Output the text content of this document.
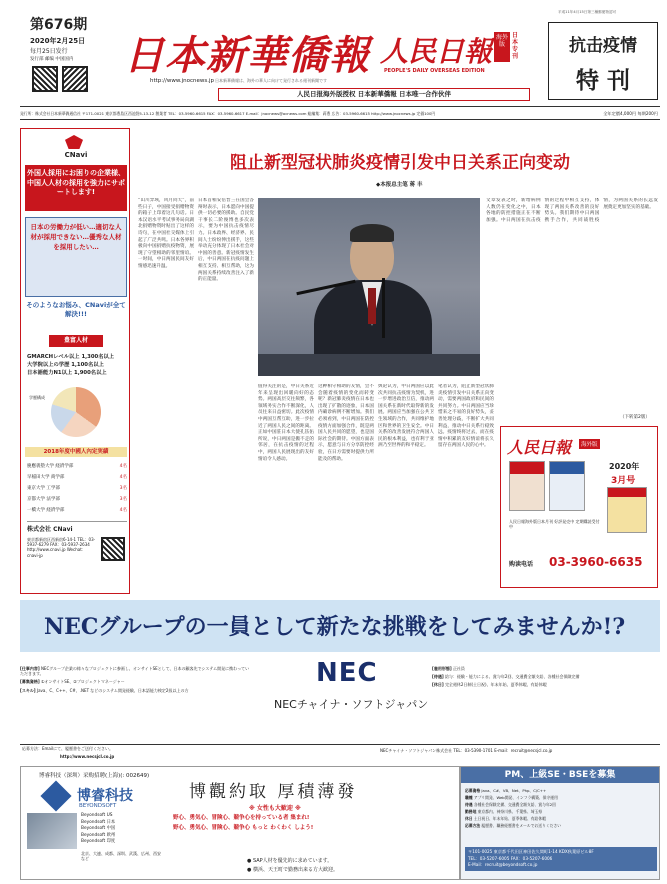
第676期
2020年2月25日
每月25日发行
发行部 邮编 中国国内 日本新華僑報
http://www.jnocnews.jp 日本新華僑報は、海外の華人に向けて発行される週刊新聞です
人民日報 海外版
日本专刊
PEOPLE'S DAILY OVERSEAS EDITION
抗击疫情
特 刊
平成11年4月15日第三種郵便物認可
人民日报海外版授权 日本新華僑報 日本唯一合作伙伴
発行所：株式会社日本新華僑通信社 〒171-0021 東京都豊島区西池袋5-13-12 創業者 TEL：03-5960-6615 FAX：03-5960-6617 E-mail：jnocnews@ocnews.com 総編集：蒋豊 広告：03-5960-6615 http://www.jnocnews.jp 定価100円	全年定價4,000円 每期200円
CNavi
外国人採用にお困りの企業様、中国人人材の採用を強力にサポートします!
日本の労働力が低い…適切な人材が採用できない…優秀な人材を採用したい…
そのようなお悩み、CNaviが全て解決!!!
豊富人材
GMARCHレベル以上 1,300名以上
大学院以上の学歴 1,100名以上
日本語能力N1以上 1,900名以上
学歴構成
2018年度中國人內定実績
慶應義塾大学 経済学部	4名
早稲田大学 商学部	4名
東京大学 工学部	3名
京都大学 法学部	3名
一橋大学 経済学部	4名
株式会社 CNavi
東京都新宿区西新宿6-14-1 TEL：03-5937-6279 FAX：03-5937-2634 http://www.cnavi.jp Wechat：cnavi-jp
阻止新型冠状肺炎疫情引发中日关系正向变动
◆本报总主笔 蒋 丰
“山川异域，风月同天”，前些日子，中国接受捐赠物资的箱子上印着这几句话。日本汉语水平考试事务局向湖北捐赠物资时贴出了这样的诗句，在中国社交媒体上引起了广泛共鸣。日本各界积极向中国捐赠抗疫物资，展现了守望相助的邻里情谊。一时间，中日两国民间友好情感迅速升温。
日本首相安倍晋三在国会答辩时表示，日本愿向中国提供一切必要的援助。自民党干事长二阶俊博也多次表示，要为中国抗击疫情尽力。日本政界、经济界、民间人士纷纷伸出援手，这些举动充分体现了日本社会对中国的善意。新冠疫情发生后，中日两国在抗疫问题上相互支持、相互帮助，这为两国关系持续改善注入了新的正能量。
值得关注的是，中日关系近年来呈现出回暖向好的态势。两国高层交往频繁，各领域务实合作不断深化，人员往来日益密切。此次疫情中两国互帮互助，进一步拉近了两国人民之间的距离。正如中国驻日本大使孔铉佑所说，中日两国是搬不走的邻居，在抗击疫情的过程中，两国人民展现出的友好情谊令人感动。
这种相守相助的友情，会不会随着疫情的变化而转变呢？新冠肺炎疫情在日本也出现了扩散的迹象，日本国内确诊病例不断增加。我们必须看到，中日两国在防控疫情方面加强合作，既是两国人民共同的愿望，也是国际社会的期待。中国方面表示，愿意与日方分享防控经验，在日方需要时提供力所能及的帮助。
舆论认为，中日两国应以此次共同抗击疫情为契机，进一步增进政治互信，推动两国关系在新时代取得新的发展。两国应当加强在公共卫生领域的合作，共同维护地区和世界的卫生安全。中日关系的改善发展符合两国人民的根本利益，也有利于亚洲乃至世界的和平稳定。
笔者认为，阻止新型冠状肺炎疫情引发中日关系正向变动，需要两国政府和民间的共同努力。中日两国应当珍惜来之不易的良好势头，妥善处理分歧，不断扩大共同利益，推动中日关系行稳致远。疫情终将过去，而在疫情中积累的友好情谊将长久留存在两国人民的心中。
文章发表之时，新增病例人数仍在变化之中，日本各地的防控措施正在不断加强。中日两国在抗击疫情的过程中相互支持，体现了两国关系改善的良好势头。我们期待中日两国携手合作，共同战胜疫情，为两国关系的长远发展奠定更加坚实的基础。
（下转第2版）
人民日報	海外版
2020年
3月号
人民日報海外版日本月刊 好評発売中 定期購読受付中
购读电话 03-3960-6635
NECグループの一員として新たな挑戦をしてみませんか!?
[仕事内容] NECグループ企業の様々なプロジェクトに参画し、オンサイトSEとして、日本の顧客先でシステム開発に携わっていただきます。
[募集資格] ①オンサイトSE、②プロジェクトマネージャー
[スキル] Java、C、C++、C#、.NET などのシステム開発経験、日本語能力検定2級以上の方
NEC
NECチャイナ・ソフトジャパン
[雇用形態] 正社員
[待遇] 給与：経験・能力による、賞与年2回、交通費全額支給、各種社会保険完備
[休日] 完全週休2日制(土日祝)、年末年始、夏季休暇、有給休暇
応募方法：Emailにて、履歴書をご送付ください。
http://www.necsjcl.co.jp
NECチャイナ・ソフトジャパン株式会社 TEL：03-5390-1701 E-mail：recruit@necsjcl.co.jp
博睿科技（深圳）采购招聘(上海)(: 002649)
博睿科技
BEYONDSOFT
博觀約取 厚積薄發
※ 女性も大歓迎 ※
野心、勇気心、冒険心、競争心を持っている者 集まれ!
野心、勇気心、冒険心、競争心 もっと わくわく しよう!
Beyondsoft US
Beyondsoft 日本
Beyondsoft 中国
Beyondsoft 欧州
Beyondsoft 印度
北京、大連、成都、深圳、武漢、広州、西安など	● SAP人材を優先的に求めています。
● 横浜、天王町で勤務出来る方大歓迎。
PM、上級SE・BSEを募集
応募資格 Java、C#、VB、Net、Php、C/C++
職種 アプリ開発、Web開発、インフラ構築、保守運用
待遇 各種社会保険完備、交通費全額支給、賞与年2回
勤務地 東京都内、神奈川県、千葉県、埼玉県
休日 土日祝日、年末年始、夏季休暇、有給休暇
応募方法 履歴書、職務経歴書をメールでお送りください
〒101-0025 東京都千代田区神田佐久間町1-14 KDX秋葉原ビル8F
TEL：03-5207-6005 FAX：03-5207-6006
E-Mail：recruit@beyondsoft.co.jp
